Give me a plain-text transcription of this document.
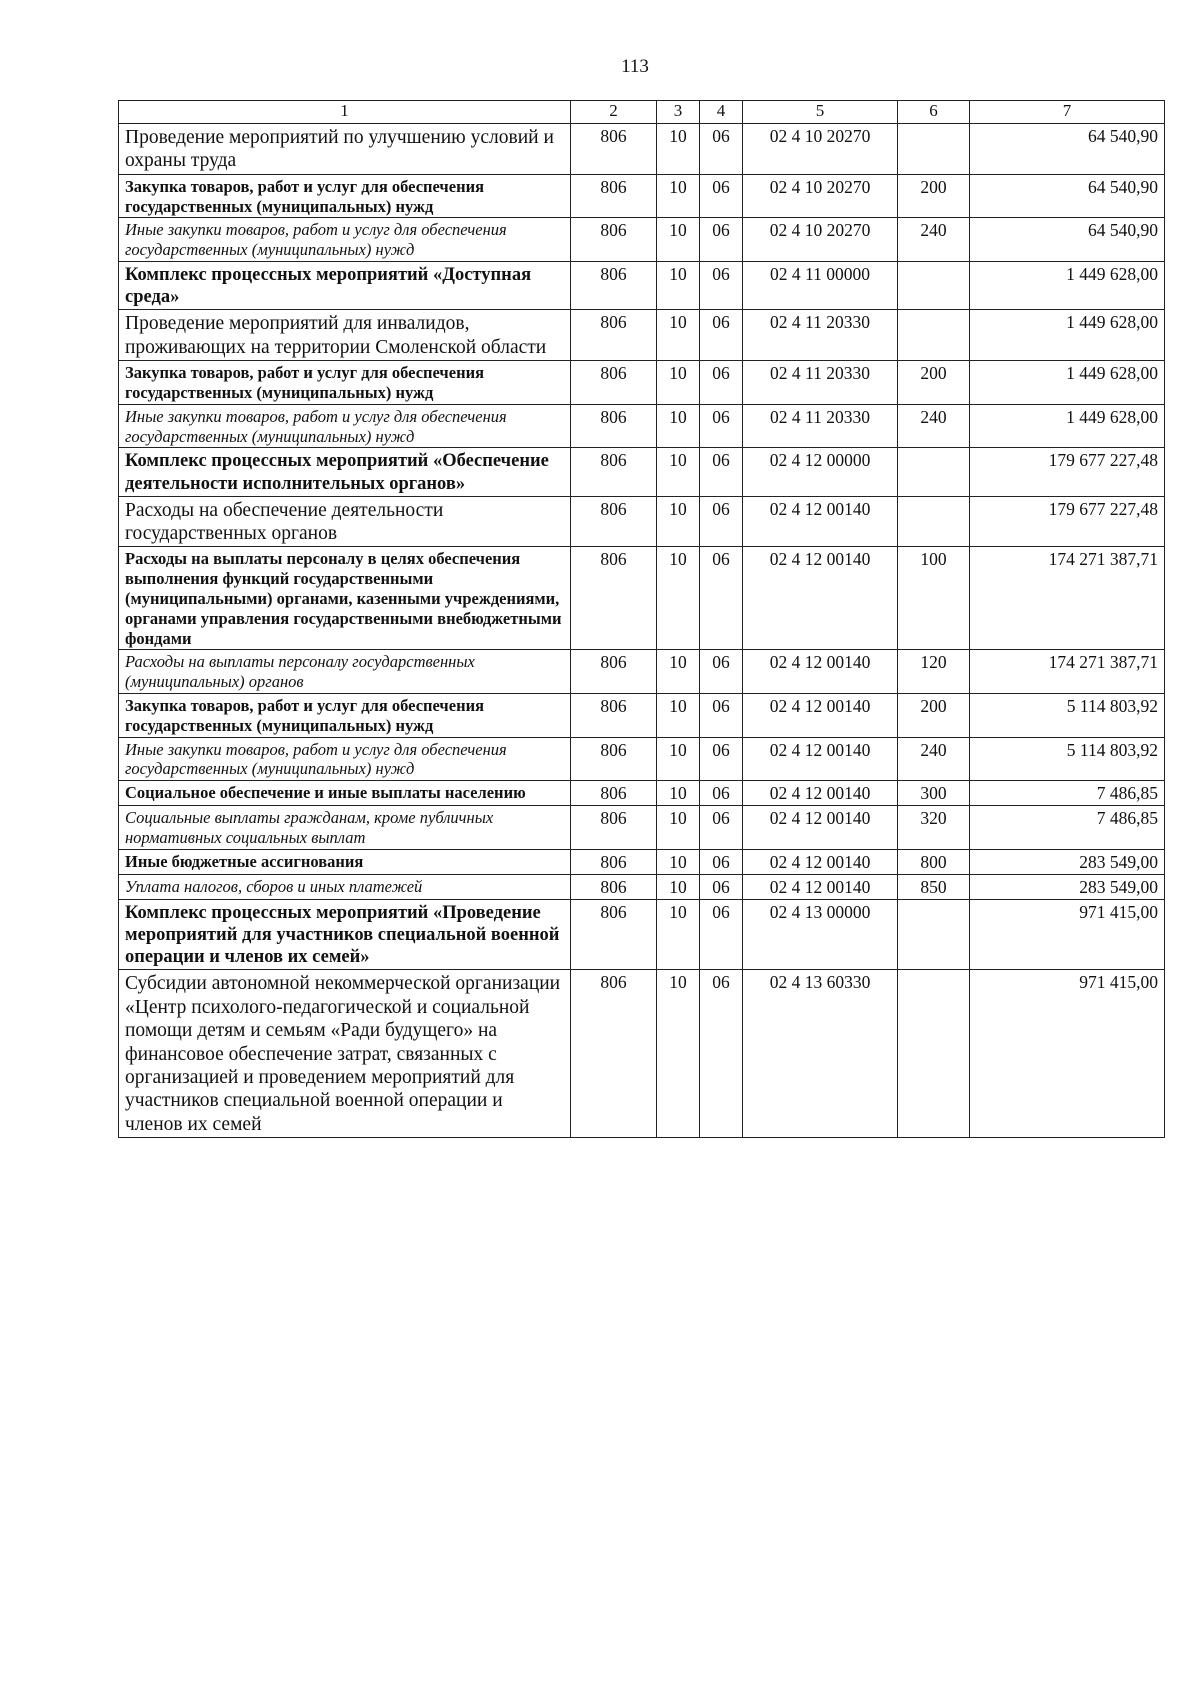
113
1	2	3	4	5	6	7
Проведение мероприятий по улучшению условий и охраны труда	806	10	06	02 4 10 20270		64 540,90
Закупка товаров, работ и услуг для обеспечения государственных (муниципальных) нужд	806	10	06	02 4 10 20270	200	64 540,90
Иные закупки товаров, работ и услуг для обеспечения государственных (муниципальных) нужд	806	10	06	02 4 10 20270	240	64 540,90
Комплекс процессных мероприятий «Доступная среда»	806	10	06	02 4 11 00000		1 449 628,00
Проведение мероприятий для инвалидов, проживающих на территории Смоленской области	806	10	06	02 4 11 20330		1 449 628,00
Закупка товаров, работ и услуг для обеспечения государственных (муниципальных) нужд	806	10	06	02 4 11 20330	200	1 449 628,00
Иные закупки товаров, работ и услуг для обеспечения государственных (муниципальных) нужд	806	10	06	02 4 11 20330	240	1 449 628,00
Комплекс процессных мероприятий «Обеспечение деятельности исполнительных органов»	806	10	06	02 4 12 00000		179 677 227,48
Расходы на обеспечение деятельности государственных органов	806	10	06	02 4 12 00140		179 677 227,48
Расходы на выплаты персоналу в целях обеспечения выполнения функций государственными (муниципальными) органами, казенными учреждениями, органами управления государственными внебюджетными фондами	806	10	06	02 4 12 00140	100	174 271 387,71
Расходы на выплаты персоналу государственных (муниципальных) органов	806	10	06	02 4 12 00140	120	174 271 387,71
Закупка товаров, работ и услуг для обеспечения государственных (муниципальных) нужд	806	10	06	02 4 12 00140	200	5 114 803,92
Иные закупки товаров, работ и услуг для обеспечения государственных (муниципальных) нужд	806	10	06	02 4 12 00140	240	5 114 803,92
Социальное обеспечение и иные выплаты населению	806	10	06	02 4 12 00140	300	7 486,85
Социальные выплаты гражданам, кроме публичных нормативных социальных выплат	806	10	06	02 4 12 00140	320	7 486,85
Иные бюджетные ассигнования	806	10	06	02 4 12 00140	800	283 549,00
Уплата налогов, сборов и иных платежей	806	10	06	02 4 12 00140	850	283 549,00
Комплекс процессных мероприятий «Проведение мероприятий для участников специальной военной операции и членов их семей»	806	10	06	02 4 13 00000		971 415,00
Субсидии автономной некоммерческой организации «Центр психолого-педагогической и социальной помощи детям и семьям «Ради будущего» на финансовое обеспечение затрат, связанных с организацией и проведением мероприятий для участников специальной военной операции и членов их семей	806	10	06	02 4 13 60330		971 415,00
